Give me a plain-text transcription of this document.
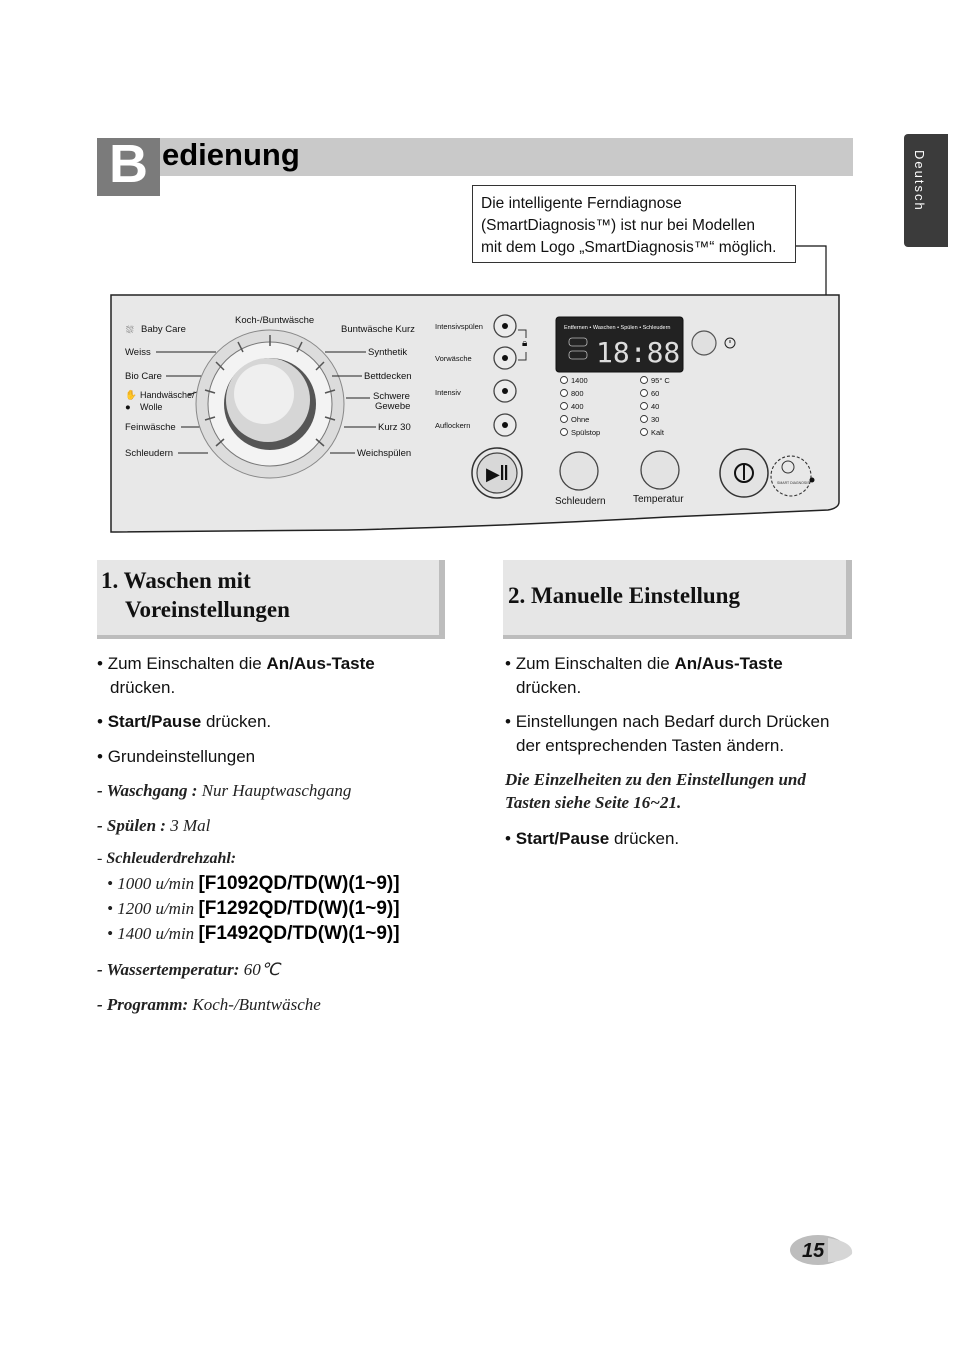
B edienung	Deutsch
Die intelligente Ferndiagnose
(SmartDiagnosis™) ist nur bei Modellen
mit dem Logo „SmartDiagnosis™“ möglich.
⛆ Baby Care
Weiss
Bio Care
✋ Handwäsche/
● Wolle
Feinwäsche
Schleudern
Koch-/Buntwäsche
Buntwäsche Kurz
Synthetik
Bettdecken
Schwere
Gewebe
Kurz 30
Weichspülen
Intensivspülen
Vorwäsche
Intensiv
Auflockern
🔒︎
Entfernen • Waschen • Spülen • Schleudern
18:88
1400
800
400
Ohne
Spülstop
95° C
60
40
30
Kalt
▶︎
Schleudern	Temperatur
SMART DIAGNOSIS
1. Waschen mit
Voreinstellungen
2. Manuelle Einstellung
• Zum Einschalten die An/Aus-Taste
drücken.
• Start/Pause drücken.
• Grundeinstellungen
- Waschgang : Nur Hauptwaschgang
- Spülen : 3 Mal
- Schleuderdrehzahl:
• 1000 u/min [F1092QD/TD(W)(1~9)]
• 1200 u/min [F1292QD/TD(W)(1~9)]
• 1400 u/min [F1492QD/TD(W)(1~9)]
- Wassertemperatur: 60℃
- Programm: Koch-/Buntwäsche
• Zum Einschalten die An/Aus-Taste
drücken.
• Einstellungen nach Bedarf durch Drücken
der entsprechenden Tasten ändern.
Die Einzelheiten zu den Einstellungen und
Tasten siehe Seite 16~21.
• Start/Pause drücken.
15
